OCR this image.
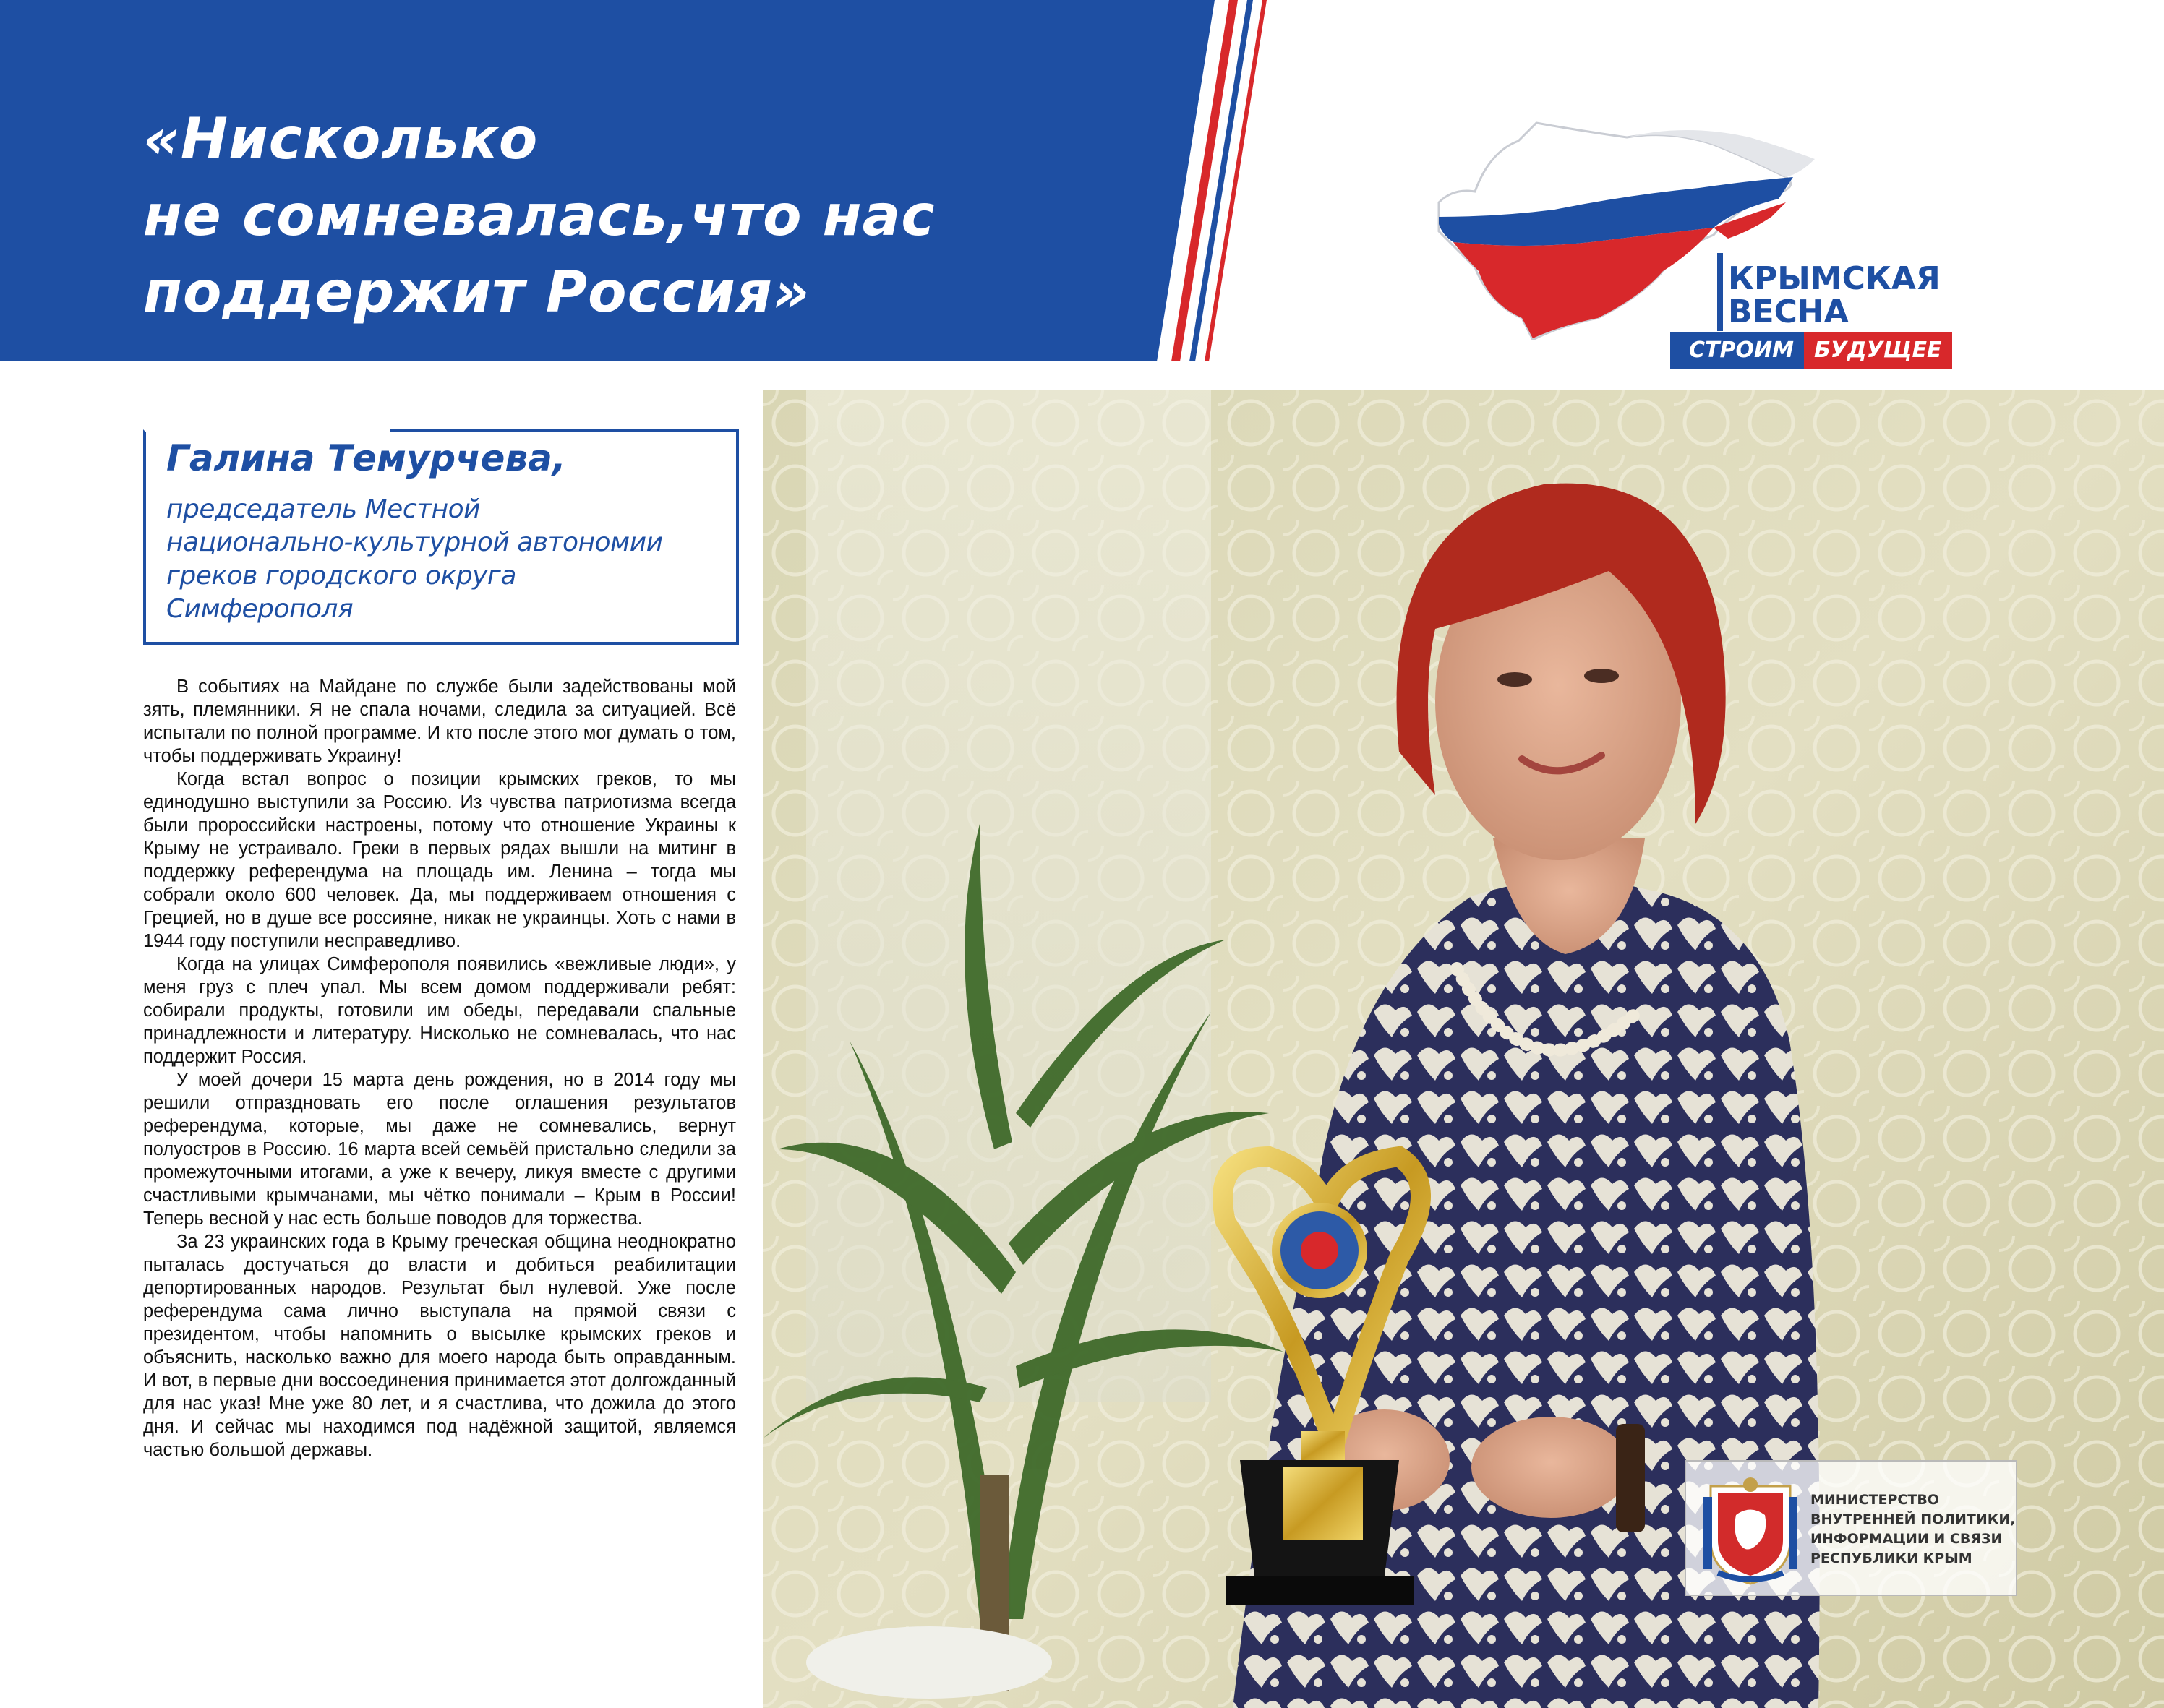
«Нисколько
не сомневалась,что нас
поддержит Россия»	КРЫМСКАЯ
ВЕСНА
СТРОИМ БУДУЩЕЕ
Галина Темурчева,

председатель Местной
национально-культурной автономии
греков городского округа
Симферополя

В событиях на Майдане по службе были задействованы мой зять, племянники. Я не спала ночами, следила за ситуацией. Всё испытали по полной программе. И кто после этого мог думать о том, чтобы поддерживать Украину!

Когда встал вопрос о позиции крымских греков, то мы единодушно выступили за Россию. Из чувства патриотизма всегда были пророссийски настроены, потому что отношение Украины к Крыму не устраивало. Греки в первых рядах вышли на митинг в поддержку референдума на площадь им. Ленина – тогда мы собрали около 600 человек. Да, мы поддерживаем отношения с Грецией, но в душе все россияне, никак не украинцы. Хоть с нами в 1944 году поступили несправедливо.

Когда на улицах Симферополя появились «вежливые люди», у меня груз с плеч упал. Мы всем домом поддерживали ребят: собирали продукты, готовили им обеды, передавали спальные принадлежности и литературу. Нисколько не сомневалась, что нас поддержит Россия.

У моей дочери 15 марта день рождения, но в 2014 году мы решили отпраздновать его после оглашения результатов референдума, которые, мы даже не сомневались, вернут полуостров в Россию. 16 марта всей семьёй пристально следили за промежуточными итогами, а уже к вечеру, ликуя вместе с другими счастливыми крымчанами, мы чётко понимали – Крым в России! Теперь весной у нас есть больше поводов для торжества.

За 23 украинских года в Крыму греческая община неоднократно пыталась достучаться до власти и добиться реабилитации депортированных народов. Результат был нулевой. Уже после референдума сама лично выступала на прямой связи с президентом, чтобы напомнить о высылке крымских греков и объяснить, насколько важно для моего народа быть оправданным. И вот, в первые дни воссоединения принимается этот долгожданный для нас указ! Мне уже 80 лет, и я счастлива, что дожила до этого дня. И сейчас мы находимся под надёжной защитой, являемся частью большой державы.

МИНИСТЕРСТВО
ВНУТРЕННЕЙ ПОЛИТИКИ,
ИНФОРМАЦИИ И СВЯЗИ
РЕСПУБЛИКИ КРЫМ
